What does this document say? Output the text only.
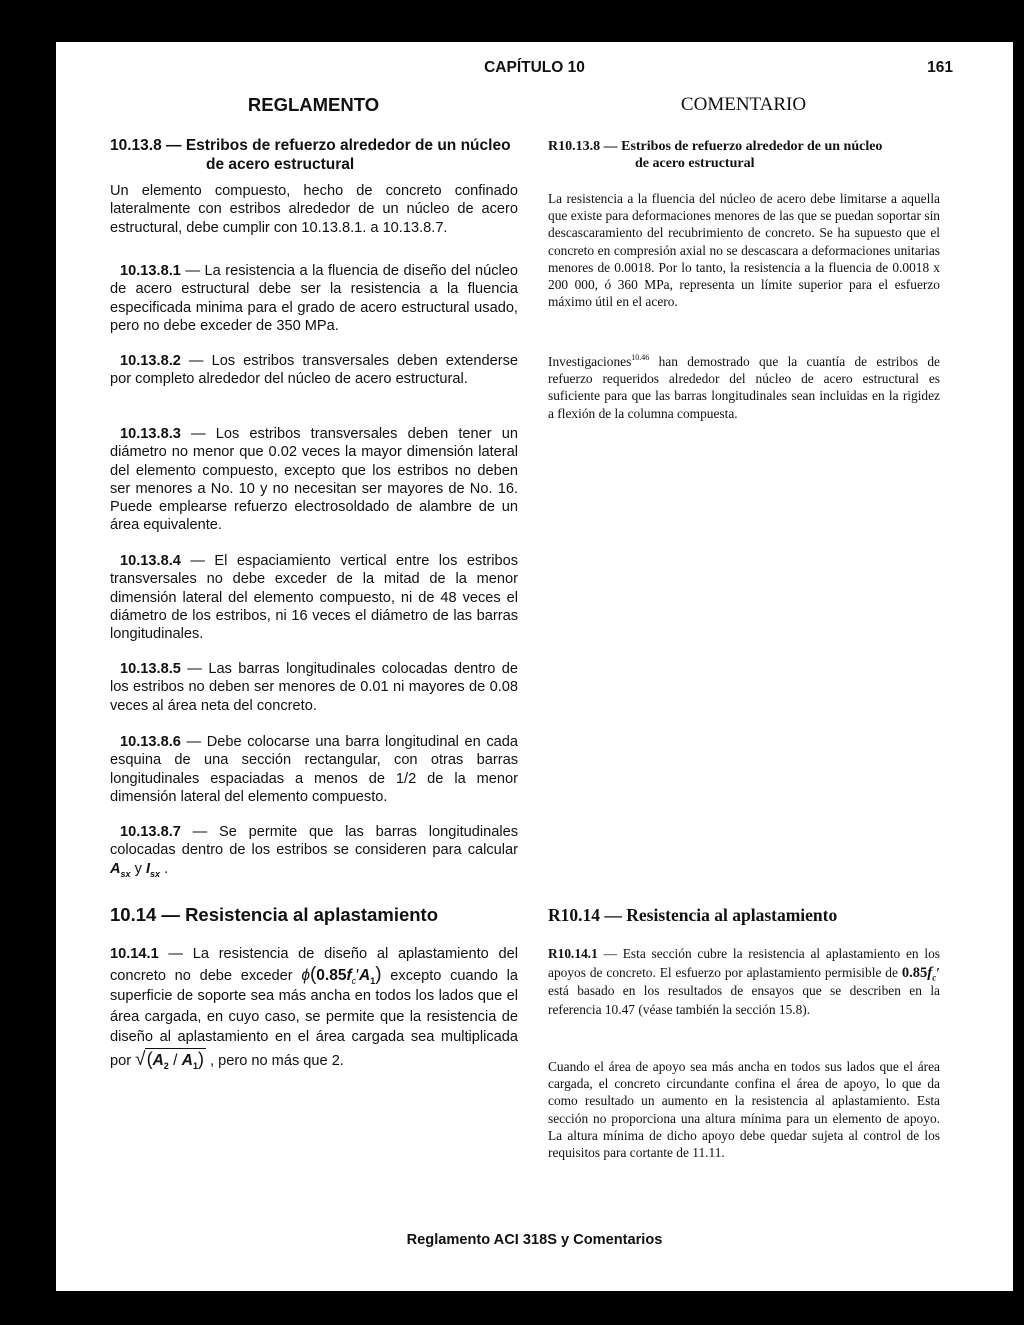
CAPÍTULO 10	161
REGLAMENTO	COMENTARIO
10.13.8 — Estribos de refuerzo alrededor de un núcleo
de acero estructural

Un elemento compuesto, hecho de concreto confinado lateralmente con estribos alrededor de un núcleo de acero estructural, debe cumplir con 10.13.8.1. a 10.13.8.7.

10.13.8.1 — La resistencia a la fluencia de diseño del núcleo de acero estructural debe ser la resistencia a la fluencia especificada minima para el grado de acero estructural usado, pero no debe exceder de 350 MPa.

10.13.8.2 — Los estribos transversales deben extenderse por completo alrededor del núcleo de acero estructural.

10.13.8.3 — Los estribos transversales deben tener un diámetro no menor que 0.02 veces la mayor dimensión lateral del elemento compuesto, excepto que los estribos no deben ser menores a No. 10 y no necesitan ser mayores de No. 16. Puede emplearse refuerzo electrosoldado de alambre de un área equivalente.

10.13.8.4 — El espaciamiento vertical entre los estribos transversales no debe exceder de la mitad de la menor dimensión lateral del elemento compuesto, ni de 48 veces el diámetro de los estribos, ni 16 veces el diámetro de las barras longitudinales.

10.13.8.5 — Las barras longitudinales colocadas dentro de los estribos no deben ser menores de 0.01 ni mayores de 0.08 veces al área neta del concreto.

10.13.8.6 — Debe colocarse una barra longitudinal en cada esquina de una sección rectangular, con otras barras longitudinales espaciadas a menos de 1/2 de la menor dimensión lateral del elemento compuesto.

10.13.8.7 — Se permite que las barras longitudinales colocadas dentro de los estribos se consideren para calcular $A_{sx}$ y $I_{sx}$ .

10.14 — Resistencia al aplastamiento

10.14.1 — La resistencia de diseño al aplastamiento del concreto no debe exceder $\phi(0.85f_c'A_1)$ excepto cuando la superficie de soporte sea más ancha en todos los lados que el área cargada, en cuyo caso, se permite que la resistencia de diseño al aplastamiento en el área cargada sea multiplicada por $√(A_2 / A_1)$ , pero no más que 2.

R10.13.8 — Estribos de refuerzo alrededor de un núcleo
de acero estructural

La resistencia a la fluencia del núcleo de acero debe limitarse a aquella que existe para deformaciones menores de las que se puedan soportar sin descascaramiento del recubrimiento de concreto. Se ha supuesto que el concreto en compresión axial no se descascara a deformaciones unitarias menores de 0.0018. Por lo tanto, la resistencia a la fluencia de 0.0018 x 200 000, ó 360 MPa, representa un límite superior para el esfuerzo máximo útil en el acero.

Investigaciones$^{10.46}$ han demostrado que la cuantía de estribos de refuerzo requeridos alrededor del núcleo de acero estructural es suficiente para que las barras longitudinales sean incluidas en la rigidez a flexión de la columna compuesta.

R10.14 — Resistencia al aplastamiento

R10.14.1 — Esta sección cubre la resistencia al aplastamiento en los apoyos de concreto. El esfuerzo por aplastamiento permisible de $0.85f_c'$ está basado en los resultados de ensayos que se describen en la referencia 10.47 (véase también la sección 15.8).

Cuando el área de apoyo sea más ancha en todos sus lados que el área cargada, el concreto circundante confina el área de apoyo, lo que da como resultado un aumento en la resistencia al aplastamiento. Esta sección no proporciona una altura mínima para un elemento de apoyo. La altura mínima de dicho apoyo debe quedar sujeta al control de los requisitos para cortante de 11.11.

Reglamento ACI 318S y Comentarios
